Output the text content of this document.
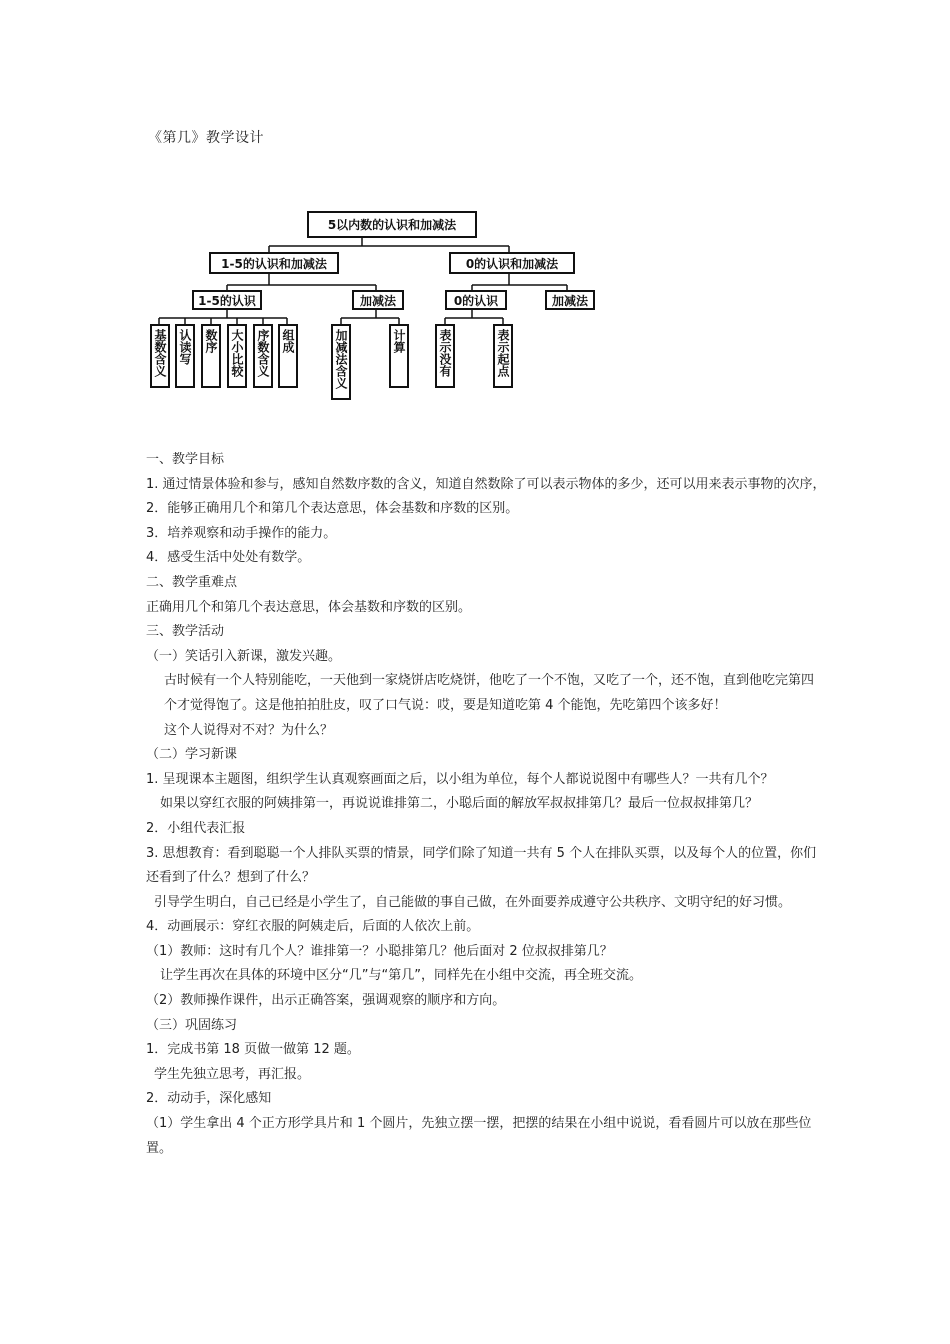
《第几》教学设计
5以内数的认识和加减法
1-5的认识和加减法	0的认识和加减法
1-5的认识	加减法	0的认识	加减法
基数含义 认读写 数序 大小比较 序数含义 组成	加减法含义	计算	表示没有	表示起点

一、教学目标

1. 通过情景体验和参与，感知自然数序数的含义，知道自然数除了可以表示物体的多少，还可以用来表示事物的次序，

2．能够正确用几个和第几个表达意思，体会基数和序数的区别。

3．培养观察和动手操作的能力。

4．感受生活中处处有数学。

二、教学重难点

正确用几个和第几个表达意思，体会基数和序数的区别。

三、教学活动

（一）笑话引入新课，激发兴趣。

古时候有一个人特别能吃，一天他到一家烧饼店吃烧饼，他吃了一个不饱，又吃了一个，还不饱，直到他吃完第四个才觉得饱了。这是他拍拍肚皮，叹了口气说：哎，要是知道吃第 4 个能饱，先吃第四个该多好！

这个人说得对不对？为什么？

（二）学习新课

1. 呈现课本主题图，组织学生认真观察画面之后，以小组为单位，每个人都说说图中有哪些人？一共有几个？

如果以穿红衣服的阿姨排第一，再说说谁排第二，小聪后面的解放军叔叔排第几？最后一位叔叔排第几？

2．小组代表汇报

3. 思想教育：看到聪聪一个人排队买票的情景，同学们除了知道一共有 5 个人在排队买票，以及每个人的位置，你们还看到了什么？想到了什么？

引导学生明白，自己已经是小学生了，自己能做的事自己做，在外面要养成遵守公共秩序、文明守纪的好习惯。

4．动画展示：穿红衣服的阿姨走后，后面的人依次上前。

（1）教师：这时有几个人？谁排第一？小聪排第几？他后面对 2 位叔叔排第几？

让学生再次在具体的环境中区分“几”与“第几”，同样先在小组中交流，再全班交流。

（2）教师操作课件，出示正确答案，强调观察的顺序和方向。

（三）巩固练习

1．完成书第 18 页做一做第 12 题。

学生先独立思考，再汇报。

2．动动手，深化感知

（1）学生拿出 4 个正方形学具片和 1 个圆片，先独立摆一摆，把摆的结果在小组中说说，看看圆片可以放在那些位置。
